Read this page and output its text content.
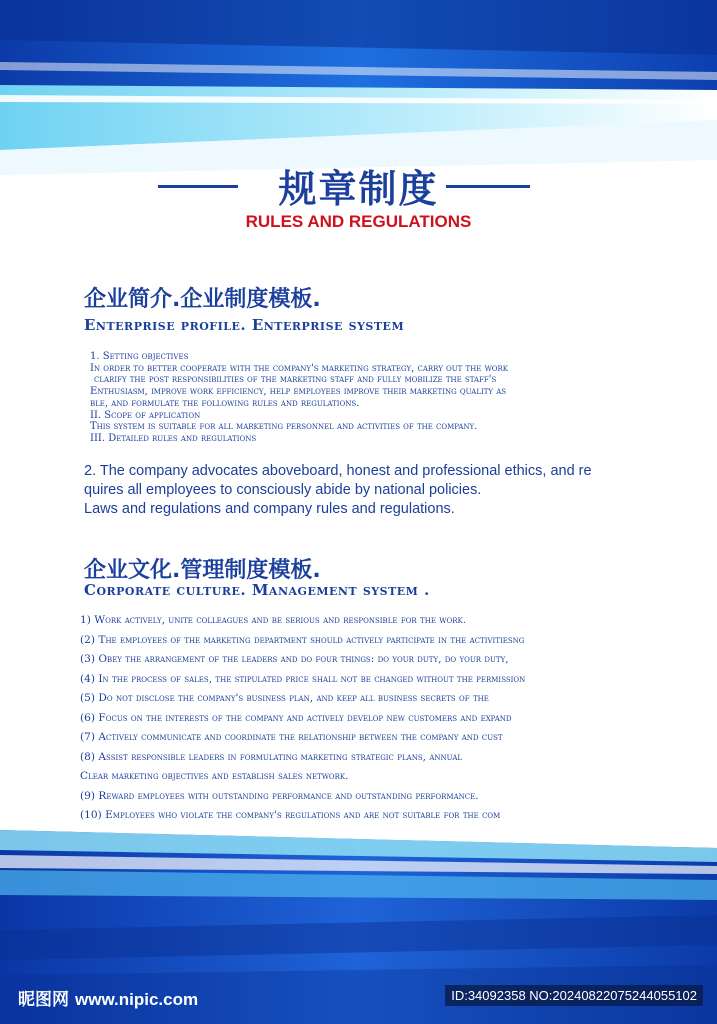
规章制度
RULES AND REGULATIONS
企业简介.企业制度模板.
Enterprise profile. Enterprise system
1. Setting objectives
In order to better cooperate with the company's marketing strategy, carry out the work
clarify the post responsibilities of the marketing staff and fully mobilize the staff's
Enthusiasm, improve work efficiency, help employees improve their marketing quality as
ble, and formulate the following rules and regulations.
II. Scope of application
This system is suitable for all marketing personnel and activities of the company.
III. Detailed rules and regulations
2. The company advocates aboveboard, honest and professional ethics, and re
quires all employees to consciously abide by national policies.
Laws and regulations and company rules and regulations.
企业文化.管理制度模板.
Corporate culture. Management system .
1) Work actively, unite colleagues and be serious and responsible for the work.
(2) The employees of the marketing department should actively participate in the activitiesng
(3) Obey the arrangement of the leaders and do four things: do your duty, do your duty,
(4) In the process of sales, the stipulated price shall not be changed without the permission
(5) Do not disclose the company's business plan, and keep all business secrets of the
(6) Focus on the interests of the company and actively develop new customers and expand
(7) Actively communicate and coordinate the relationship between the company and cust
(8) Assist responsible leaders in formulating marketing strategic plans, annual
Clear marketing objectives and establish sales network.
(9) Reward employees with outstanding performance and outstanding performance.
(10) Employees who violate the company's regulations and are not suitable for the com
昵图网 www.nipic.com	ID:34092358 NO:20240822075244055102
